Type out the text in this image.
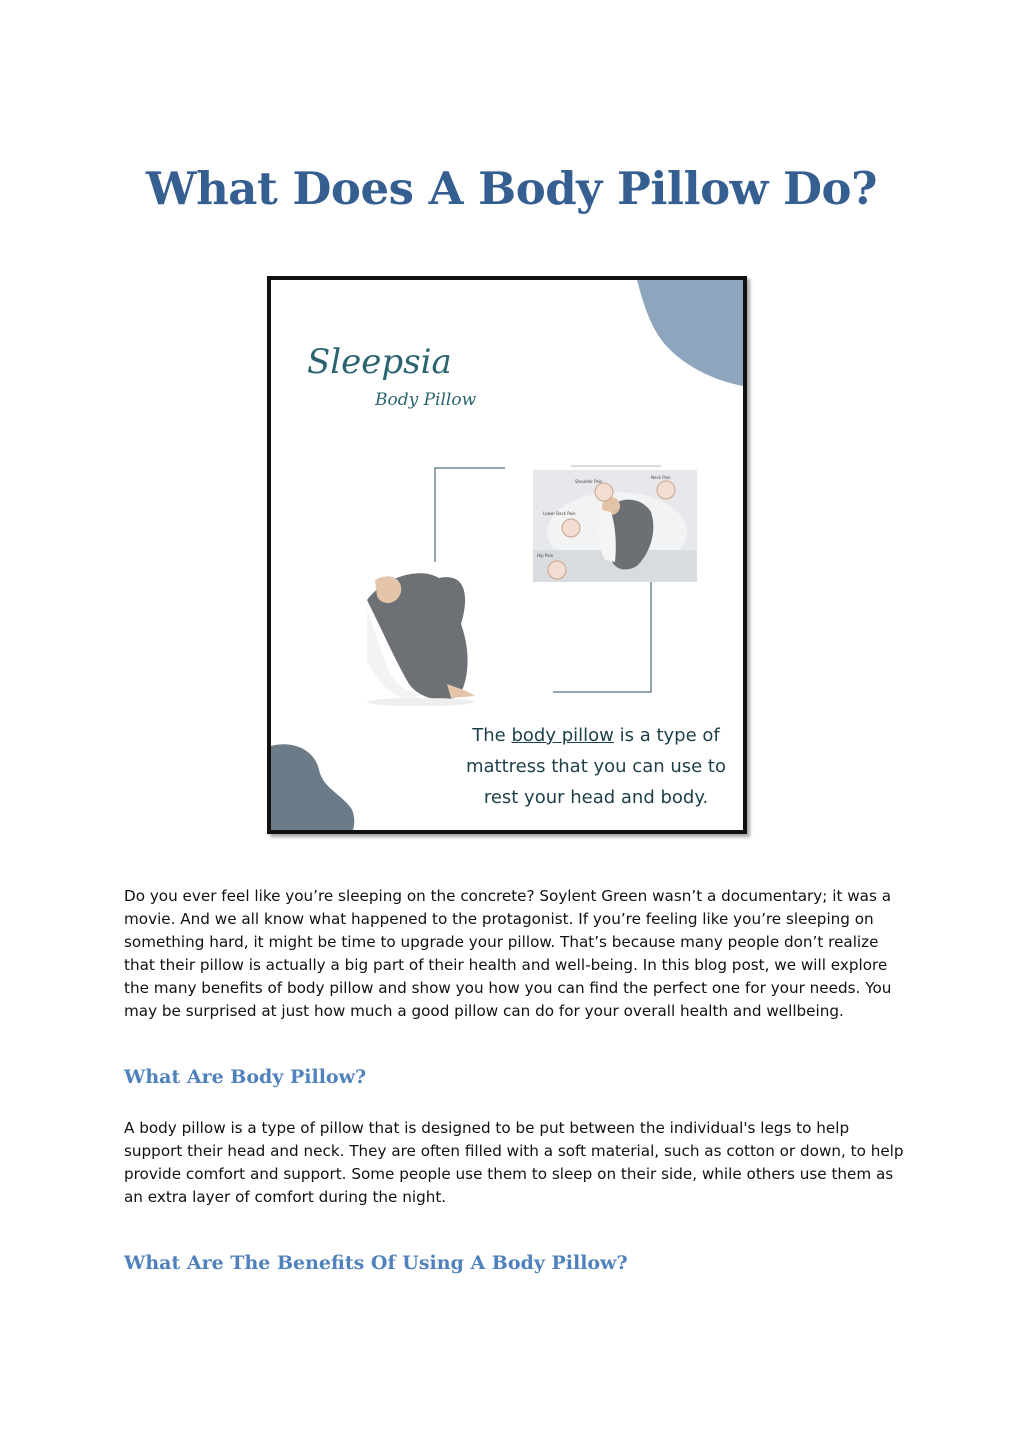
What Does A Body Pillow Do?
Shoulder Pain
Neck Pain
Lower Back Pain
Hip Pain
Sleepsia
Body Pillow
The body pillow is a type of mattress that you can use to rest your head and body.

Do you ever feel like you’re sleeping on the concrete? Soylent Green wasn’t a documentary; it was a movie. And we all know what happened to the protagonist. If you’re feeling like you’re sleeping on something hard, it might be time to upgrade your pillow. That’s because many people don’t realize that their pillow is actually a big part of their health and well-being. In this blog post, we will explore the many benefits of body pillow and show you how you can find the perfect one for your needs. You may be surprised at just how much a good pillow can do for your overall health and wellbeing.

What Are Body Pillow?

A body pillow is a type of pillow that is designed to be put between the individual's legs to help support their head and neck. They are often filled with a soft material, such as cotton or down, to help provide comfort and support. Some people use them to sleep on their side, while others use them as an extra layer of comfort during the night.

What Are The Benefits Of Using A Body Pillow?
